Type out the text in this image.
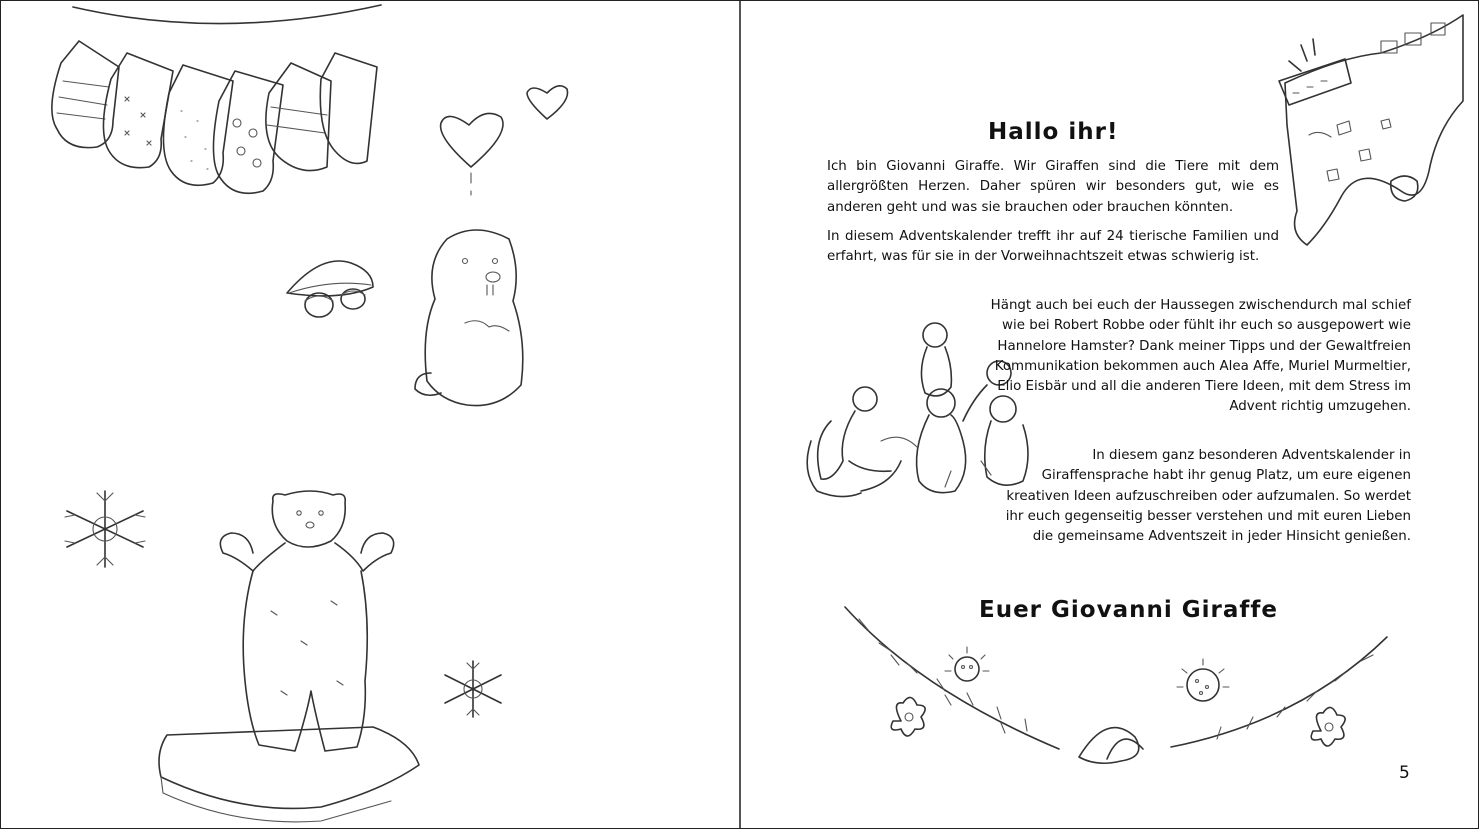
Hallo ihr!

Ich bin Giovanni Giraffe. Wir Giraffen sind die Tiere mit dem allergrößten Herzen. Daher spüren wir besonders gut, wie es anderen geht und was sie brauchen oder brauchen könnten.

In diesem Adventskalender trefft ihr auf 24 tierische Familien und erfahrt, was für sie in der Vorweihnachtszeit etwas schwierig ist.

Hängt auch bei euch der Haussegen zwischendurch mal schief wie bei Robert Robbe oder fühlt ihr euch so ausgepowert wie Hannelore Hamster? Dank meiner Tipps und der Gewaltfreien Kommunikation bekommen auch Alea Affe, Muriel Murmeltier, Elio Eisbär und all die anderen Tiere Ideen, mit dem Stress im Advent richtig umzugehen.

In diesem ganz besonderen Adventskalender in Giraffensprache habt ihr genug Platz, um eure eigenen kreativen Ideen aufzuschreiben oder aufzumalen. So werdet ihr euch gegenseitig besser verstehen und mit euren Lieben die gemeinsame Adventszeit in jeder Hinsicht genießen.

Euer Giovanni Giraffe
5
